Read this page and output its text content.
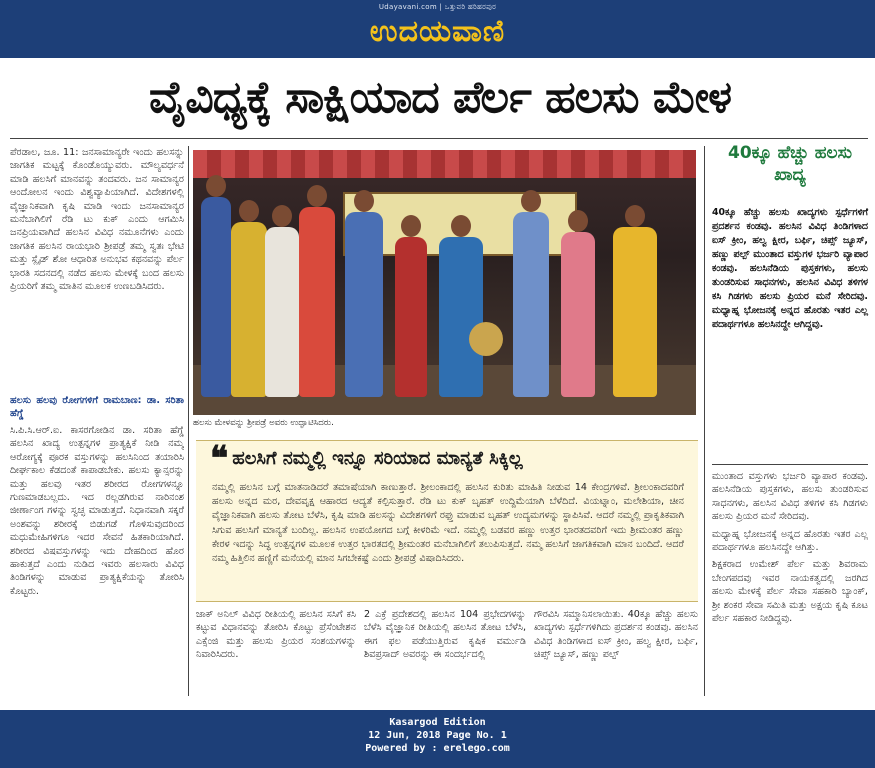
Udayavani.com | ಒತ್ತುವರಿ ಹರಿಹರಪುರ
ಉದಯವಾಣಿ
ವೈವಿಧ್ಯಕ್ಕೆ ಸಾಕ್ಷಿಯಾದ ಪೆರ್ಲ ಹಲಸು ಮೇಳ

ಪೆರಡಾಲ, ಜೂ. 11: ಜನಸಾಮಾನ್ಯರೇ ಇಂದು ಹಲಸನ್ನು ಜಾಗತಿಕ ಮಟ್ಟಕ್ಕೆ ಕೊಂಡೊಯ್ಯುವರು. ಮೌಲ್ಯವರ್ಧನೆ ಮಾಡಿ ಹಲಸಿಗೆ ಮಾನವನ್ನು ತಂದವರು. ಜನ ಸಾಮಾನ್ಯರ ಆಂದೋಲನ ಇಂದು ವಿಶ್ವವ್ಯಾಪಿಯಾಗಿದೆ. ವಿದೇಶಗಳಲ್ಲಿ ವೈಜ್ಞಾನಿಕವಾಗಿ ಕೃಷಿ ಮಾಡಿ ಇಂದು ಜನಸಾಮಾನ್ಯರ ಮನೆಬಾಗಿಲಿಗೆ ರೆಡಿ ಟು ಕುಕ್ ಎಂದು ಆಗಮಿಸಿ ಜನಪ್ರಿಯವಾಗಿದೆ ಹಲಸಿನ ವಿವಿಧ ನಮೂನೆಗಳು ಎಂದು ಜಾಗತಿಕ ಹಲಸಿನ ರಾಯಭಾರಿ ಶ್ರೀಪಡ್ರೆ ತಮ್ಮ ಸ್ವತಃ ಭೇಟಿ ಮತ್ತು ಸ್ಲೈಡ್ ಶೋ ಆಧಾರಿತ ಅನುಭವ ಕಥನವನ್ನು ಪೆರ್ಲ ಭಾರತಿ ಸದನದಲ್ಲಿ ನಡೆದ ಹಲಸು ಮೇಳಕ್ಕೆ ಬಂದ ಹಲಸು ಪ್ರಿಯರಿಗೆ ತಮ್ಮ ಮಾತಿನ ಮೂಲಕ ಉಣಬಡಿಸಿದರು.

ಹಲಸು ಹಲವು ರೋಗಗಳಿಗೆ ರಾಮಬಾಣ: ಡಾ. ಸರಿತಾ ಹೆಗ್ಡೆ

ಸಿ.ಪಿ.ಸಿ.ಆರ್.ಐ. ಕಾಸರಗೋಡಿನ ಡಾ. ಸರಿತಾ ಹೆಗ್ಡೆ ಹಲಸಿನ ಖಾದ್ಯ ಉತ್ಪನ್ನಗಳ ಪ್ರಾತ್ಯಕ್ಷಿಕೆ ನೀಡಿ ನಮ್ಮ ಆರೋಗ್ಯಕ್ಕೆ ಪೂರಕ ವಸ್ತುಗಳನ್ನು ಹಲಸಿನಿಂದ ತಯಾರಿಸಿ ದೀರ್ಘಕಾಲ ಕೆಡದಂತೆ ಕಾಪಾಡಬೇಕು. ಹಲಸು ಕ್ಯಾನ್ಸರನ್ನು ಮತ್ತು ಹಲವು ಇತರ ಶರೀರದ ರೋಗಗಳನ್ನೂ ಗುಣಮಾಡಬಲ್ಲದು. ಇದ ರಲ್ಲಡಗಿರುವ ನಾರಿನಂಶ ಜೀರ್ಣಾಂಗ ಗಳನ್ನು ಸ್ವಚ್ಛ ಮಾಡುತ್ತದೆ. ನಿಧಾನವಾಗಿ ಸಕ್ಕರೆ ಅಂಶವನ್ನು ಶರೀರಕ್ಕೆ ಬಿಡುಗಡೆ ಗೊಳಿಸುವುದರಿಂದ ಮಧುಮೇಹಿಗಳಿಗೂ ಇದರ ಸೇವನೆ ಹಿತಕಾರಿಯಾಗಿದೆ. ಶರೀರದ ವಿಷವಸ್ತುಗಳನ್ನು ಇದು ದೇಹದಿಂದ ಹೊರ ಹಾಕುತ್ತದೆ ಎಂದು ನುಡಿದ ಇವರು ಹಲಸಾರು ವಿವಿಧ ತಿಂಡಿಗಳನ್ನು ಮಾಡುವ ಪ್ರಾತ್ಯಕ್ಷಿಕೆಯನ್ನು ತೋರಿಸಿ ಕೊಟ್ಟರು.

ಹಲಸು ಮೇಳವನ್ನು ಶ್ರೀಪಡ್ರೆ ಅವರು ಉದ್ಘಾಟಿಸಿದರು.
40ಕ್ಕೂ ಹೆಚ್ಚು ಹಲಸು ಖಾದ್ಯ
40ಕ್ಕೂ ಹೆಚ್ಚು ಹಲಸು ಖಾದ್ಯಗಳು ಸ್ಪರ್ಧೆಗಳಿಗೆ ಪ್ರದರ್ಶನ ಕಂಡವು. ಹಲಸಿನ ವಿವಿಧ ತಿಂಡಿಗಳಾದ ಐಸ್ ಕ್ರೀಂ, ಹಲ್ವ ಕ್ಷೀರ, ಬರ್ಫಿ, ಚಿಪ್ಸ್ ಜ್ಯೂಸ್, ಹಣ್ಣು ಪಲ್ಪ್ ಮುಂತಾದ ವಸ್ತುಗಳ ಭರ್ಜರಿ ವ್ಯಾಪಾರ ಕಂಡವು. ಹಲಸಿನೆಡಿಯ ಪುಸ್ತಕಗಳು, ಹಲಸು ತುಂಡರಿಸುವ ಸಾಧನಗಳು, ಹಲಸಿನ ವಿವಿಧ ತಳಿಗಳ ಕಸಿ ಗಿಡಗಳು ಹಲಸು ಪ್ರಿಯರ ಮನೆ ಸೇರಿದವು. ಮಧ್ಯಾಹ್ನ ಭೋಜನಕ್ಕೆ ಅನ್ನದ ಹೊರತು ಇತರ ಎಲ್ಲ ಪದಾರ್ಥಗಳೂ ಹಲಸಿನದ್ದೇ ಆಗಿದ್ದವು.

ಮುಂತಾದ ವಸ್ತುಗಳು ಭರ್ಜರಿ ವ್ಯಾಪಾರ ಕಂಡವು. ಹಲಸಿನೆಡಿಯ ಪುಸ್ತಕಗಳು, ಹಲಸು ತುಂಡರಿಸುವ ಸಾಧನಗಳು, ಹಲಸಿನ ವಿವಿಧ ತಳಿಗಳ ಕಸಿ ಗಿಡಗಳು ಹಲಸು ಪ್ರಿಯರ ಮನೆ ಸೇರಿದವು.

ಮಧ್ಯಾಹ್ನ ಭೋಜನಕ್ಕೆ ಅನ್ನದ ಹೊರತು ಇತರ ಎಲ್ಲ ಪದಾರ್ಥಗಳೂ ಹಲಸಿನದ್ದೇ ಆಗಿತ್ತು.

ಶಿಕ್ಷಕರಾದ ಉಮೇಶ್ ಪೆರ್ಲ ಮತ್ತು ಶಿವರಾಮ ಬೇಂಗಪದವು ಇವರ ನಾಯಕತ್ವದಲ್ಲಿ ಜರಗಿದ ಹಲಸು ಮೇಳಕ್ಕೆ ಪೆರ್ಲ ಸೇವಾ ಸಹಕಾರಿ ಬ್ಯಾಂಕ್, ಶ್ರೀ ಶಂಕರ ಸೇವಾ ಸಮಿತಿ ಮತ್ತು ಅಕ್ಷಯ ಕೃಷಿ ಕೂಟ ಪೆರ್ಲ ಸಹಕಾರ ನೀಡಿದ್ದವು.

❝ ಹಲಸಿಗೆ ನಮ್ಮಲ್ಲಿ ಇನ್ನೂ ಸರಿಯಾದ ಮಾನ್ಯತೆ ಸಿಕ್ಕಿಲ್ಲ
ನಮ್ಮಲ್ಲಿ ಹಲಸಿನ ಬಗ್ಗೆ ಮಾತನಾಡಿದರೆ ತಮಾಷೆಯಾಗಿ ಕಾಣುತ್ತಾರೆ. ಶ್ರೀಲಂಕಾದಲ್ಲಿ ಹಲಸಿನ ಕುರಿತು ಮಾಹಿತಿ ನೀಡುವ 14 ಕೇಂದ್ರಗಳಿವೆ. ಶ್ರೀಲಂಕಾದವರಿಗೆ ಹಲಸು ಅನ್ನದ ಮರ, ದೇವವೃಕ್ಷ ಆಹಾರದ ಆದ್ಯತೆ ಕಲ್ಪಿಸುತ್ತಾರೆ. ರೆಡಿ ಟು ಕುಕ್ ಬೃಹತ್ ಉದ್ದಿಮೆಯಾಗಿ ಬೆಳೆದಿದೆ. ವಿಯಟ್ನಾಂ, ಮಲೇಶಿಯಾ, ಚೀನ ವೈಜ್ಞಾನಿಕವಾಗಿ ಹಲಸು ತೋಟ ಬೆಳೆಸಿ, ಕೃಷಿ ಮಾಡಿ ಹಲಸನ್ನು ವಿದೇಶಗಳಿಗೆ ರಫ್ತು ಮಾಡುವ ಬೃಹತ್ ಉದ್ಯಮಗಳನ್ನು ಸ್ಥಾಪಿಸಿವೆ. ಆದರೆ ನಮ್ಮಲ್ಲಿ ಪ್ರಾಕೃತಿಕವಾಗಿ ಸಿಗುವ ಹಲಸಿಗೆ ಮಾನ್ಯತೆ ಬಂದಿಲ್ಲ. ಹಲಸಿನ ಉಪಯೋಗದ ಬಗ್ಗೆ ಕೀಳರಿಮೆ ಇದೆ. ನಮ್ಮಲ್ಲಿ ಬಡವರ ಹಣ್ಣು ಉತ್ತರ ಭಾರತದವರಿಗೆ ಇದು ಶ್ರೀಮಂತರ ಹಣ್ಣು ಕೇರಳ ಇದನ್ನು ಸಿದ್ಧ ಉತ್ಪನ್ನಗಳ ಮೂಲಕ ಉತ್ತರ ಭಾರತದಲ್ಲಿ ಶ್ರೀಮಂತರ ಮನೆಬಾಗಿಲಿಗೆ ತಲುಪಿಸುತ್ತದೆ. ನಮ್ಮ ಹಲಸಿಗೆ ಜಾಗತಿಕವಾಗಿ ಮಾನ ಬಂದಿದೆ. ಆದರೆ ನಮ್ಮ ಹಿತ್ತಿಲಿನ ಹಣ್ಣಿಗೆ ಮನೆಯಲ್ಲಿ ಮಾನ ಸಿಗಬೇಕಷ್ಟೆ ಎಂದು ಶ್ರೀಪಡ್ರೆ ವಿಷಾದಿಸಿದರು.

ಜಾಕ್ ಅನಿಲ್ ವಿವಿಧ ರೀತಿಯಲ್ಲಿ ಹಲಸಿನ ಸಸಿಗೆ ಕಸಿ ಕಟ್ಟುವ ವಿಧಾನವನ್ನು ತೋರಿಸಿ ಕೊಟ್ಟು ಪ್ರೆಸೆಂಟೇಶನ ಎಕ್ಸೆಂಜಿ ಮತ್ತು ಹಲಸು ಪ್ರಿಯರ ಸಂಶಯಗಳನ್ನು ನಿವಾರಿಸಿದರು.

2 ಎಕ್ರೆ ಪ್ರದೇಶದಲ್ಲಿ ಹಲಸಿನ 104 ಪ್ರಭೇದಗಳನ್ನು ಬೆಳೆಸಿ ವೈಜ್ಞಾನಿಕ ರೀತಿಯಲ್ಲಿ ಹಲಸಿನ ತೋಟ ಬೆಳೆಸಿ, ಈಗ ಫಲ ಪಡೆಯುತ್ತಿರುವ ಕೃಷಿಕ ವರ್ಮುಡಿ ಶಿವಪ್ರಸಾದ್ ಅವರನ್ನು ಈ ಸಂದರ್ಭದಲ್ಲಿ

ಗೌರವಿಸಿ ಸಮ್ಮಾನಿಸಲಾಯಿತು. 40ಕ್ಕೂ ಹೆಚ್ಚು ಹಲಸು ಖಾದ್ಯಗಳು ಸ್ಪರ್ಧೆಗಳಿಗಿದು ಪ್ರದರ್ಶನ ಕಂಡವು. ಹಲಸಿನ ವಿವಿಧ ತಿಂಡಿಗಳಾದ ಐಸ್ ಕ್ರೀಂ, ಹಲ್ವ ಕ್ಷೀರ, ಬರ್ಫಿ, ಚಿಪ್ಸ್ ಜ್ಯೂಸ್, ಹಣ್ಣು ಪಲ್ಪ್

Kasargod Edition
12 Jun, 2018 Page No. 1
Powered by : erelego.com
